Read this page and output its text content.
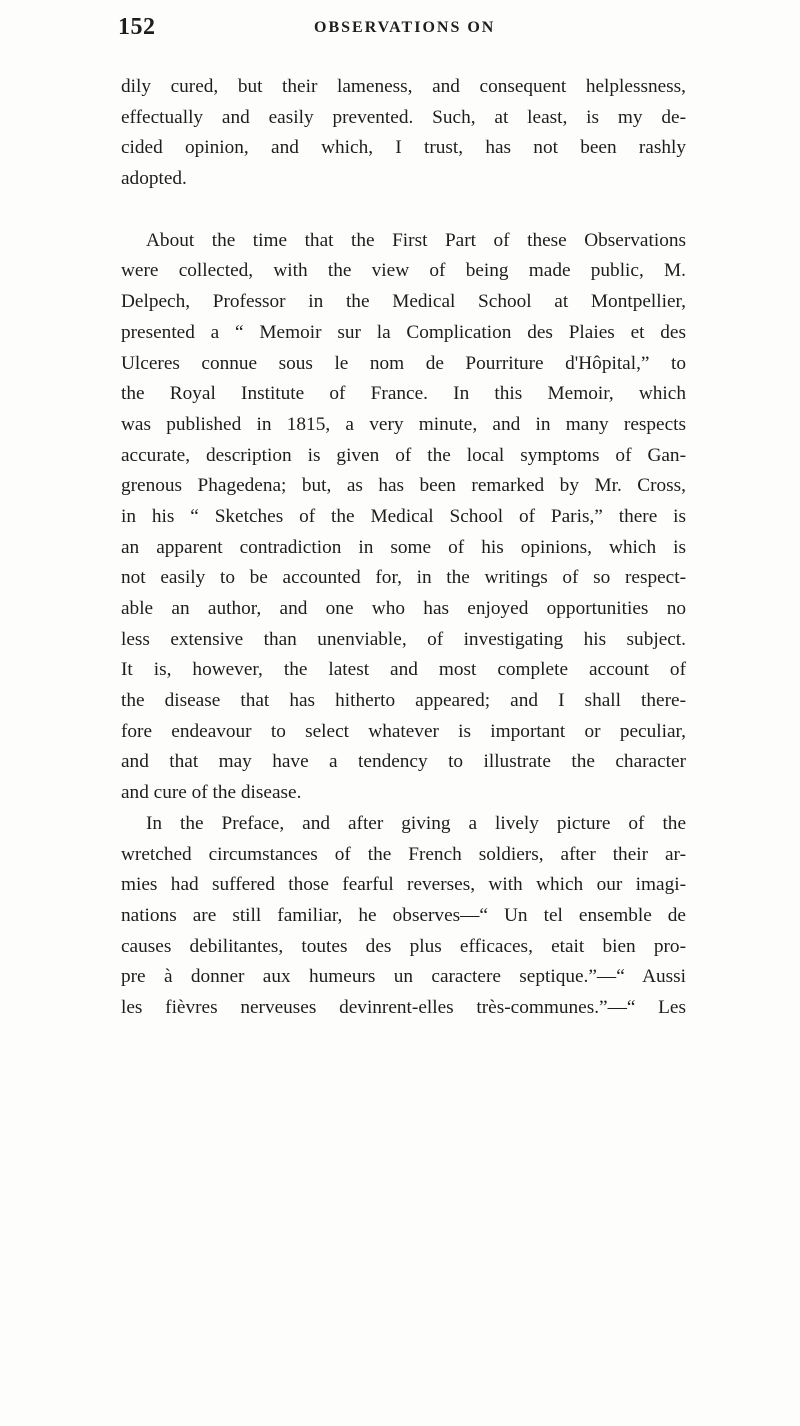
152	OBSERVATIONS ON

dily cured, but their lameness, and consequent helplessness,
effectually and easily prevented. Such, at least, is my de-
cided opinion, and which, I trust, has not been rashly
adopted.

About the time that the First Part of these Observations
were collected, with the view of being made public, M.
Delpech, Professor in the Medical School at Montpellier,
presented a “ Memoir sur la Complication des Plaies et des
Ulceres connue sous le nom de Pourriture d'Hôpital,” to
the Royal Institute of France. In this Memoir, which
was published in 1815, a very minute, and in many respects
accurate, description is given of the local symptoms of Gan-
grenous Phagedena; but, as has been remarked by Mr. Cross,
in his “ Sketches of the Medical School of Paris,” there is
an apparent contradiction in some of his opinions, which is
not easily to be accounted for, in the writings of so respect-
able an author, and one who has enjoyed opportunities no
less extensive than unenviable, of investigating his subject.
It is, however, the latest and most complete account of
the disease that has hitherto appeared; and I shall there-
fore endeavour to select whatever is important or peculiar,
and that may have a tendency to illustrate the character
and cure of the disease.

In the Preface, and after giving a lively picture of the
wretched circumstances of the French soldiers, after their ar-
mies had suffered those fearful reverses, with which our imagi-
nations are still familiar, he observes—“ Un tel ensemble de
causes debilitantes, toutes des plus efficaces, etait bien pro-
pre à donner aux humeurs un caractere septique.”—“ Aussi
les fièvres nerveuses devinrent-elles très-communes.”—“ Les
